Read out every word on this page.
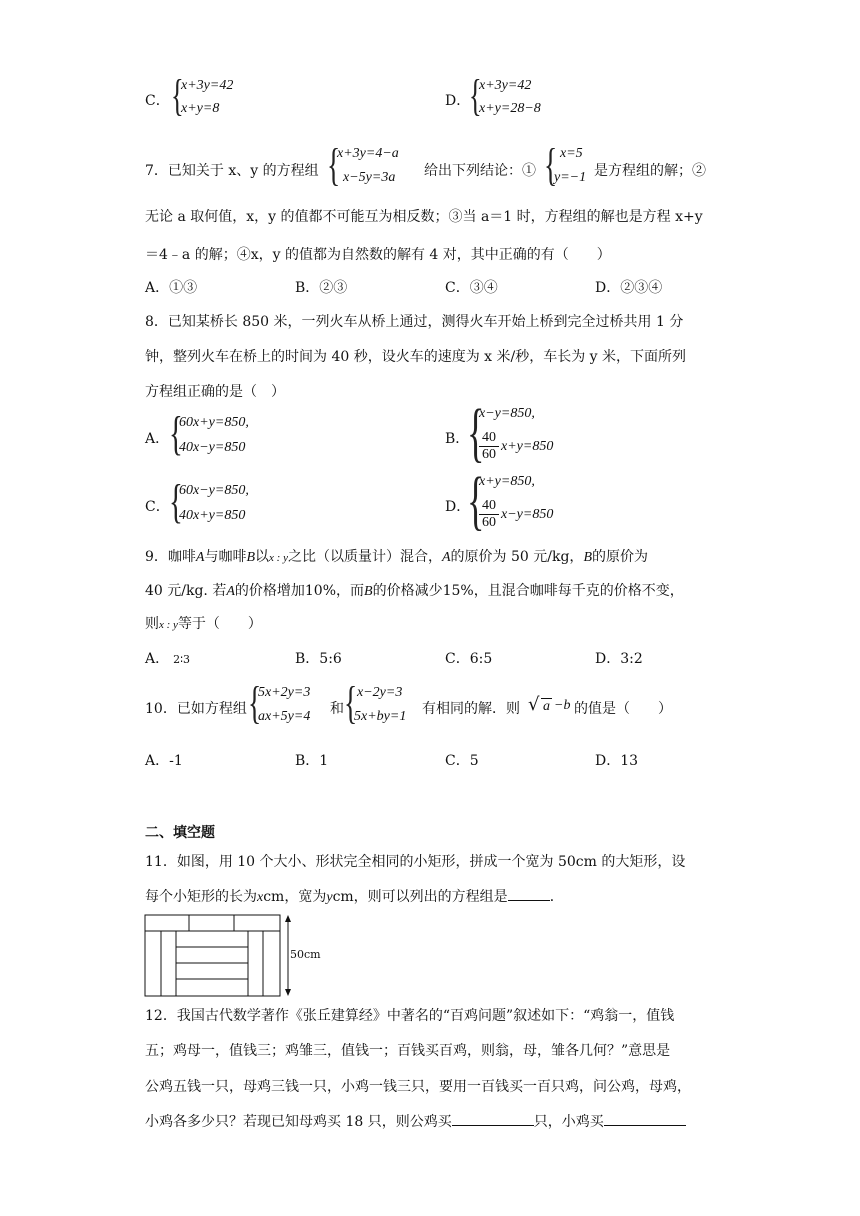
C． {
x+3y=42
x+y=8	D．
{
x+3y=42
x+y=28−8
7．已知关于 x、y 的方程组 {
x+3y=4−a
x−5y=3a 给出下列结论：① { x=5
y=−1 是方程组的解；②
无论 a 取何值，x，y 的值都不可能互为相反数；③当 a＝1 时，方程组的解也是方程 x+y
＝4﹣a 的解；④x，y 的值都为自然数的解有 4 对，其中正确的有（　　）
A．①③	B．②③	C．③④	D．②③④
8．已知某桥长 850 米，一列火车从桥上通过，测得火车开始上桥到完全过桥共用 1 分
钟，整列火车在桥上的时间为 40 秒，设火车的速度为 x 米/秒，车长为 y 米，下面所列
方程组正确的是（　）
A． {
60x+y=850,
40x−y=850
B．
{
x−y=850,
$\frac{40}{60} x+y=850$
C． {
60x−y=850,
40x+y=850
D．
{
x+y=850,
$\frac{40}{60} x-y=850$
9．咖啡A与咖啡B以x : y之比（以质量计）混合，A的原价为 50 元/kg，B的原价为
40 元/kg. 若A的价格增加10%，而B的价格减少15%，且混合咖啡每千克的价格不变，
则x : y等于（　　）
A． 2∶3	B．5:6	C．6:5	D．3:2
10．已如方程组 {
5x+2y=3
ax+5y=4 和 { x−2y=3
5x+by=1 有相同的解．则 √ a −b 的值是（　　）
A．-1	B．1	C．5	D．13
二、填空题
11．如图，用 10 个大小、形状完全相同的小矩形，拼成一个宽为 50cm 的大矩形，设
每个小矩形的长为xcm，宽为ycm，则可以列出的方程组是	．
50cm
12．我国古代数学著作《张丘建算经》中著名的“百鸡问题”叙述如下：“鸡翁一，值钱
五；鸡母一，值钱三；鸡雏三，值钱一；百钱买百鸡，则翁，母，雏各几何？”意思是
公鸡五钱一只，母鸡三钱一只，小鸡一钱三只，要用一百钱买一百只鸡，问公鸡，母鸡，
小鸡各多少只？若现已知母鸡买 18 只，则公鸡买	只，小鸡买
